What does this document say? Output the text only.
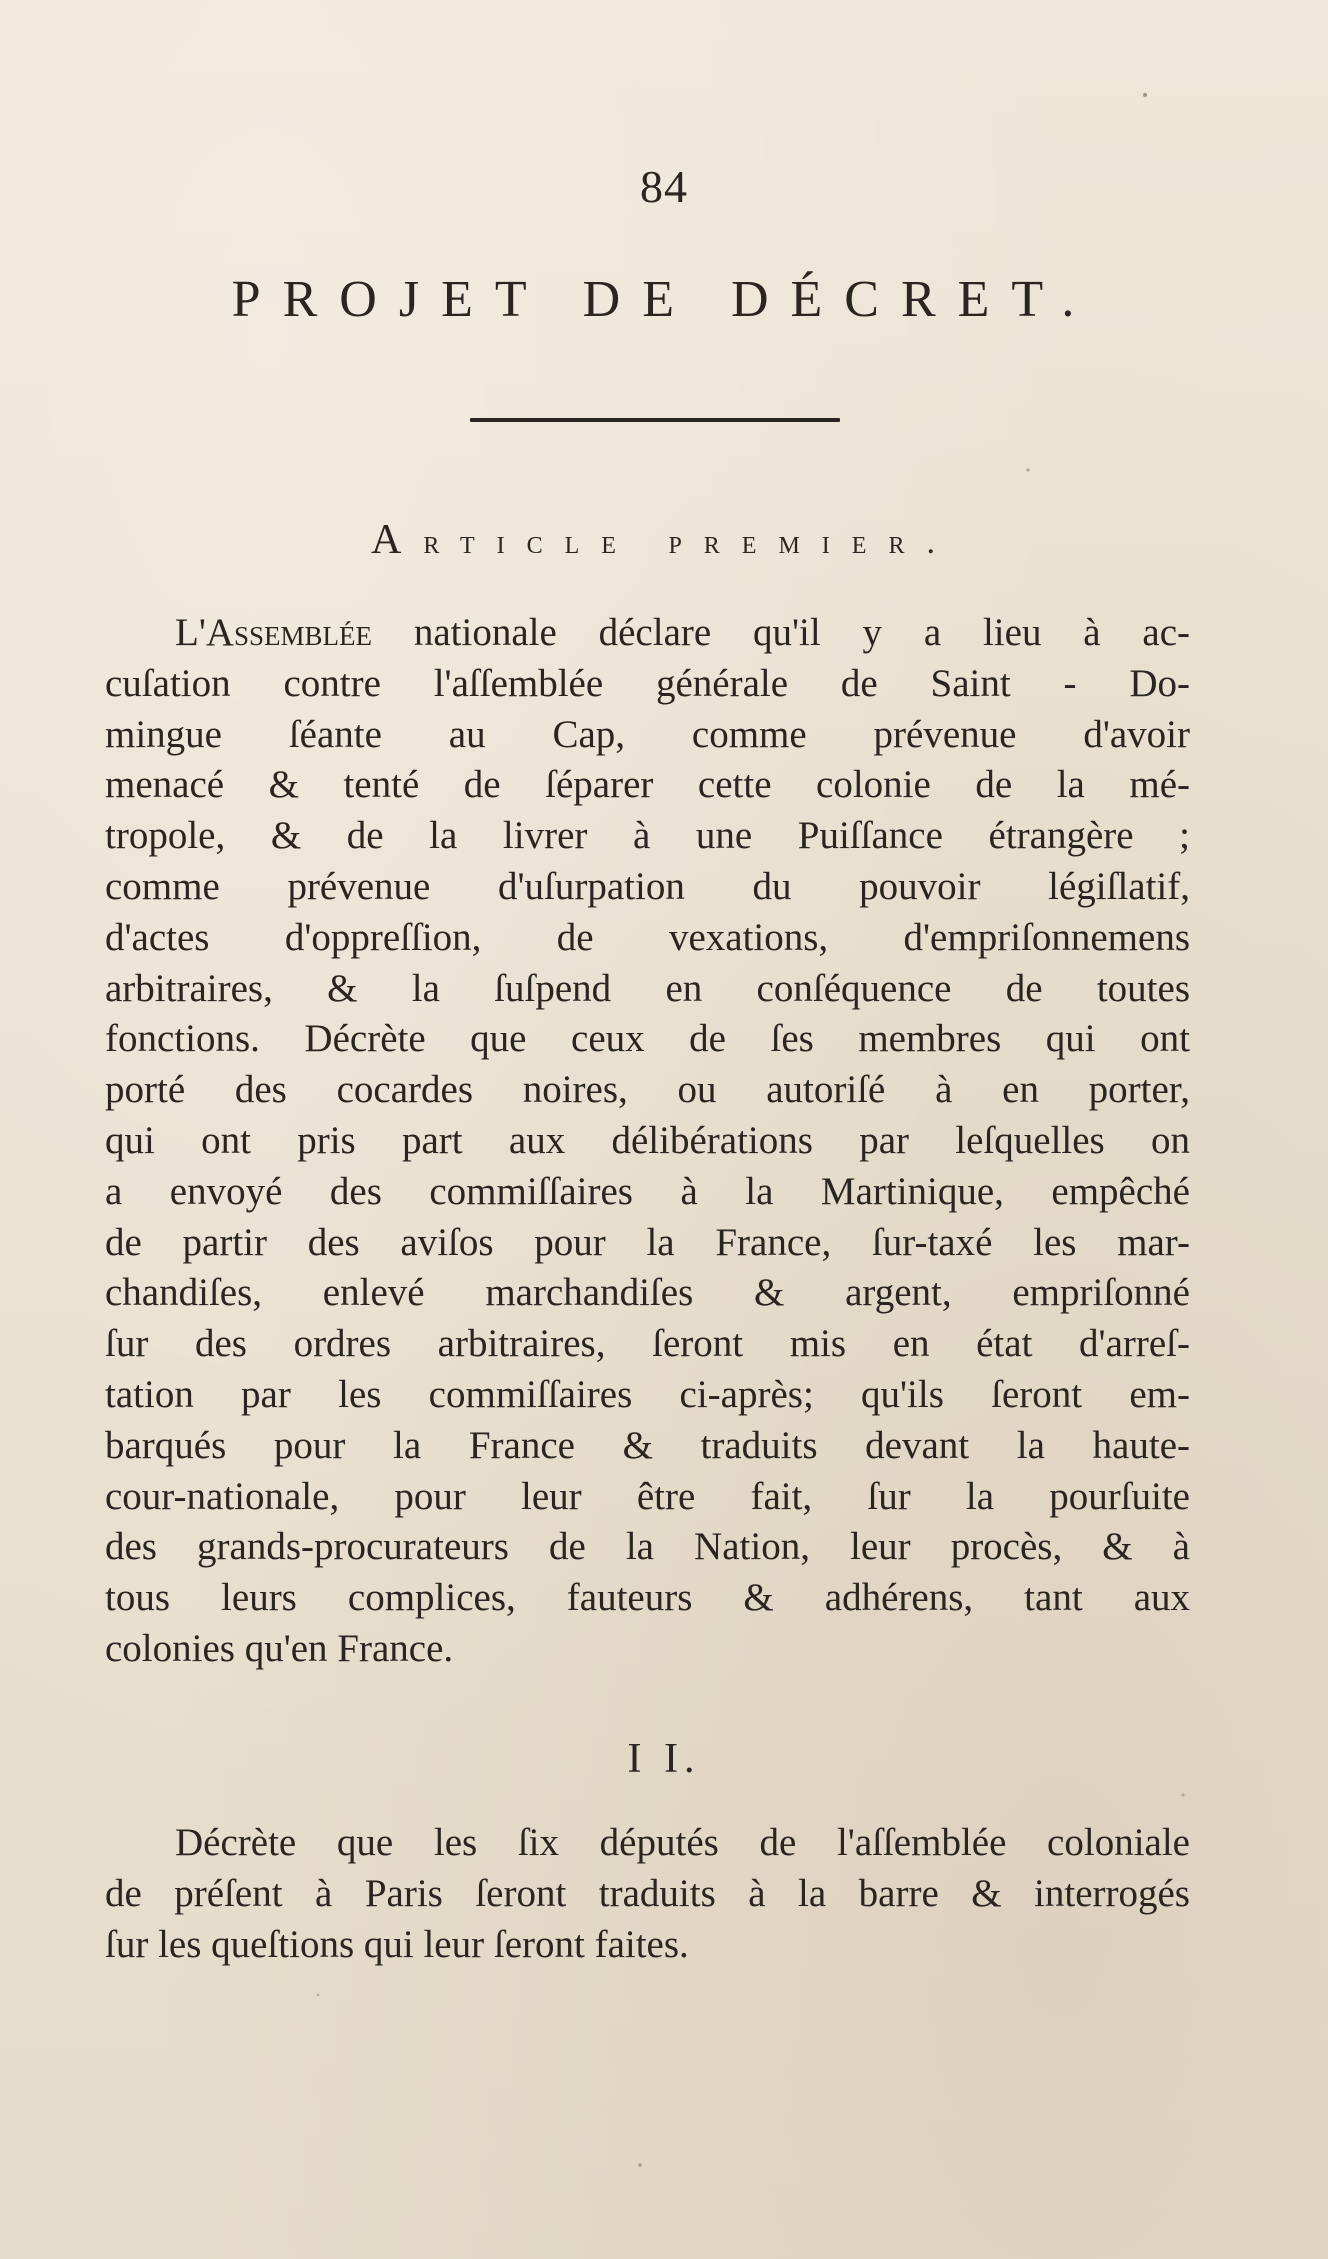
84
PROJET DE DÉCRET.
Article premier.
L'Assemblée nationale déclare qu'il y a lieu à ac-
cuſation contre l'aſſemblée générale de Saint - Do-
mingue ſéante au Cap, comme prévenue d'avoir
menacé & tenté de ſéparer cette colonie de la mé-
tropole, & de la livrer à une Puiſſance étrangère ;
comme prévenue d'uſurpation du pouvoir légiſlatif,
d'actes d'oppreſſion, de vexations, d'empriſonnemens
arbitraires, & la ſuſpend en conſéquence de toutes
fonctions. Décrète que ceux de ſes membres qui ont
porté des cocardes noires, ou autoriſé à en porter,
qui ont pris part aux délibérations par leſquelles on
a envoyé des commiſſaires à la Martinique, empêché
de partir des aviſos pour la France, ſur-taxé les mar-
chandiſes, enlevé marchandiſes & argent, empriſonné
ſur des ordres arbitraires, ſeront mis en état d'arreſ-
tation par les commiſſaires ci-après; qu'ils ſeront em-
barqués pour la France & traduits devant la haute-
cour-nationale, pour leur être fait, ſur la pourſuite
des grands-procurateurs de la Nation, leur procès, & à
tous leurs complices, fauteurs & adhérens, tant aux
colonies qu'en France.
I I.
Décrète que les ſix députés de l'aſſemblée coloniale
de préſent à Paris ſeront traduits à la barre & interrogés
ſur les queſtions qui leur ſeront faites.
